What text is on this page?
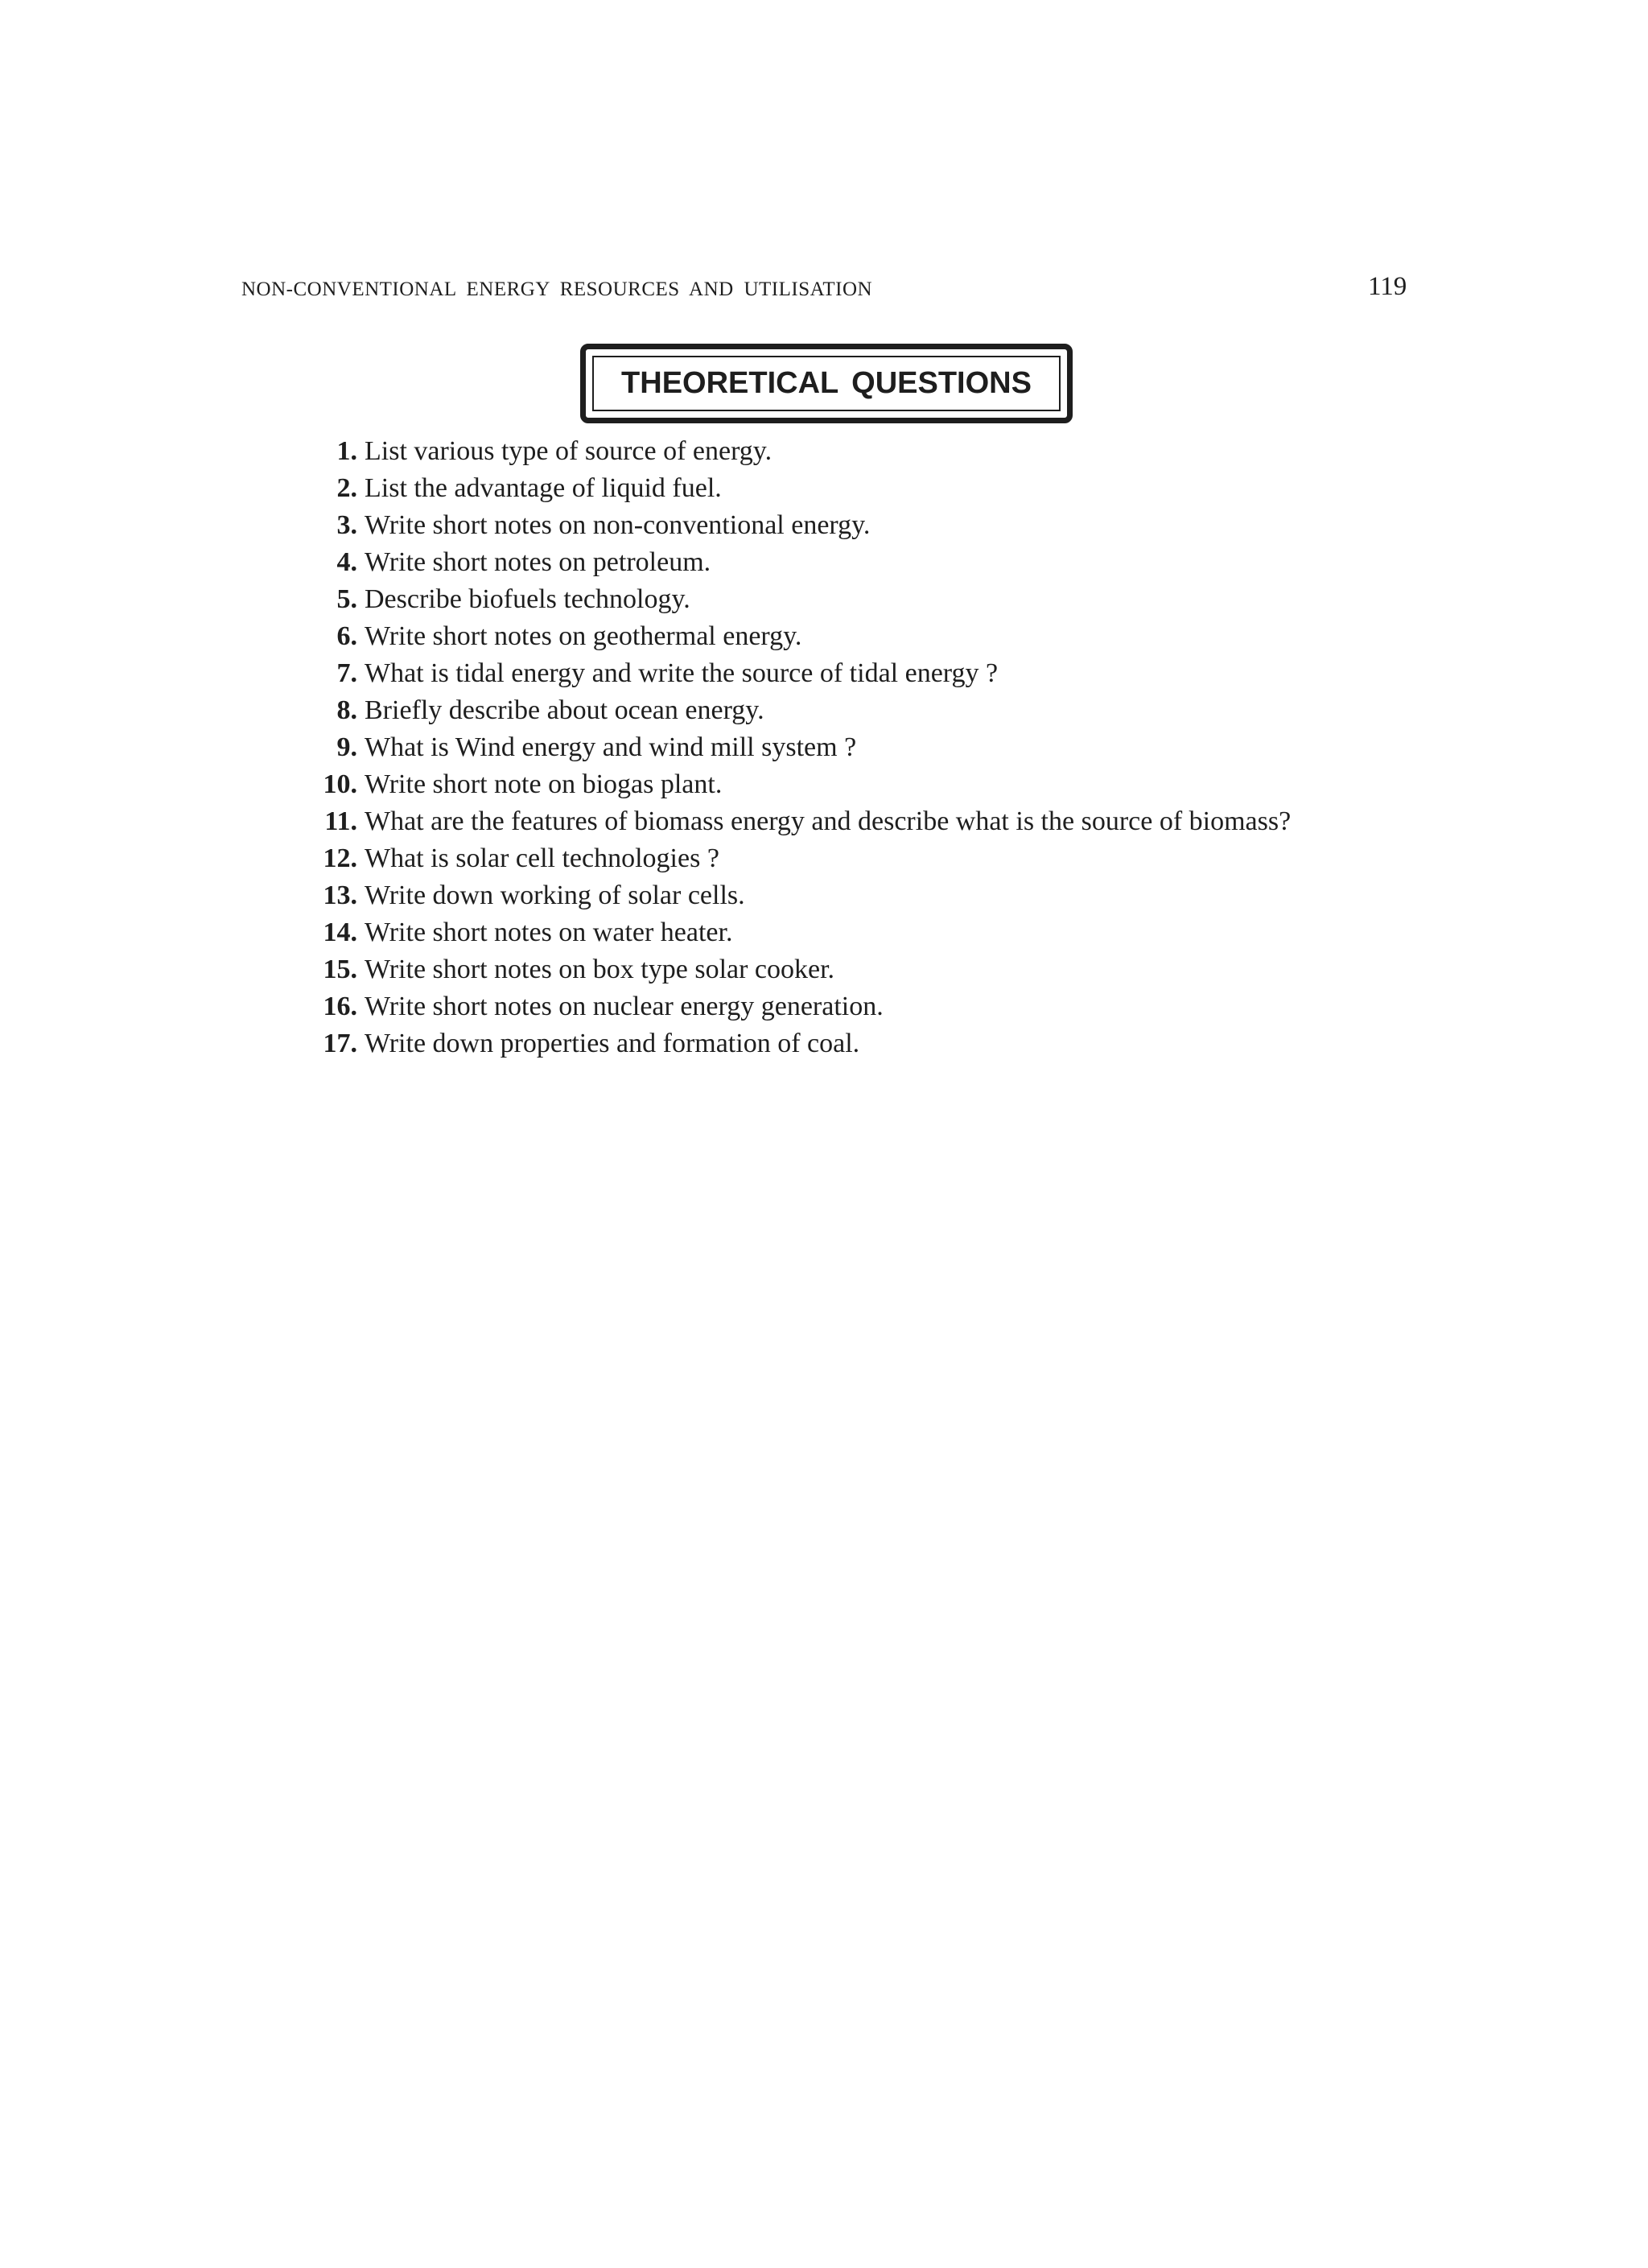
NON-CONVENTIONAL ENERGY RESOURCES AND UTILISATION	119
THEORETICAL QUESTIONS
1. List various type of source of energy.
2. List the advantage of liquid fuel.
3. Write short notes on non-conventional energy.
4. Write short notes on petroleum.
5. Describe biofuels technology.
6. Write short notes on geothermal energy.
7. What is tidal energy and write the source of tidal energy ?
8. Briefly describe about ocean energy.
9. What is Wind energy and wind mill system ?
10. Write short note on biogas plant.
11. What are the features of biomass energy and describe what is the source of biomass?
12. What is solar cell technologies ?
13. Write down working of solar cells.
14. Write short notes on water heater.
15. Write short notes on box type solar cooker.
16. Write short notes on nuclear energy generation.
17. Write down properties and formation of coal.
